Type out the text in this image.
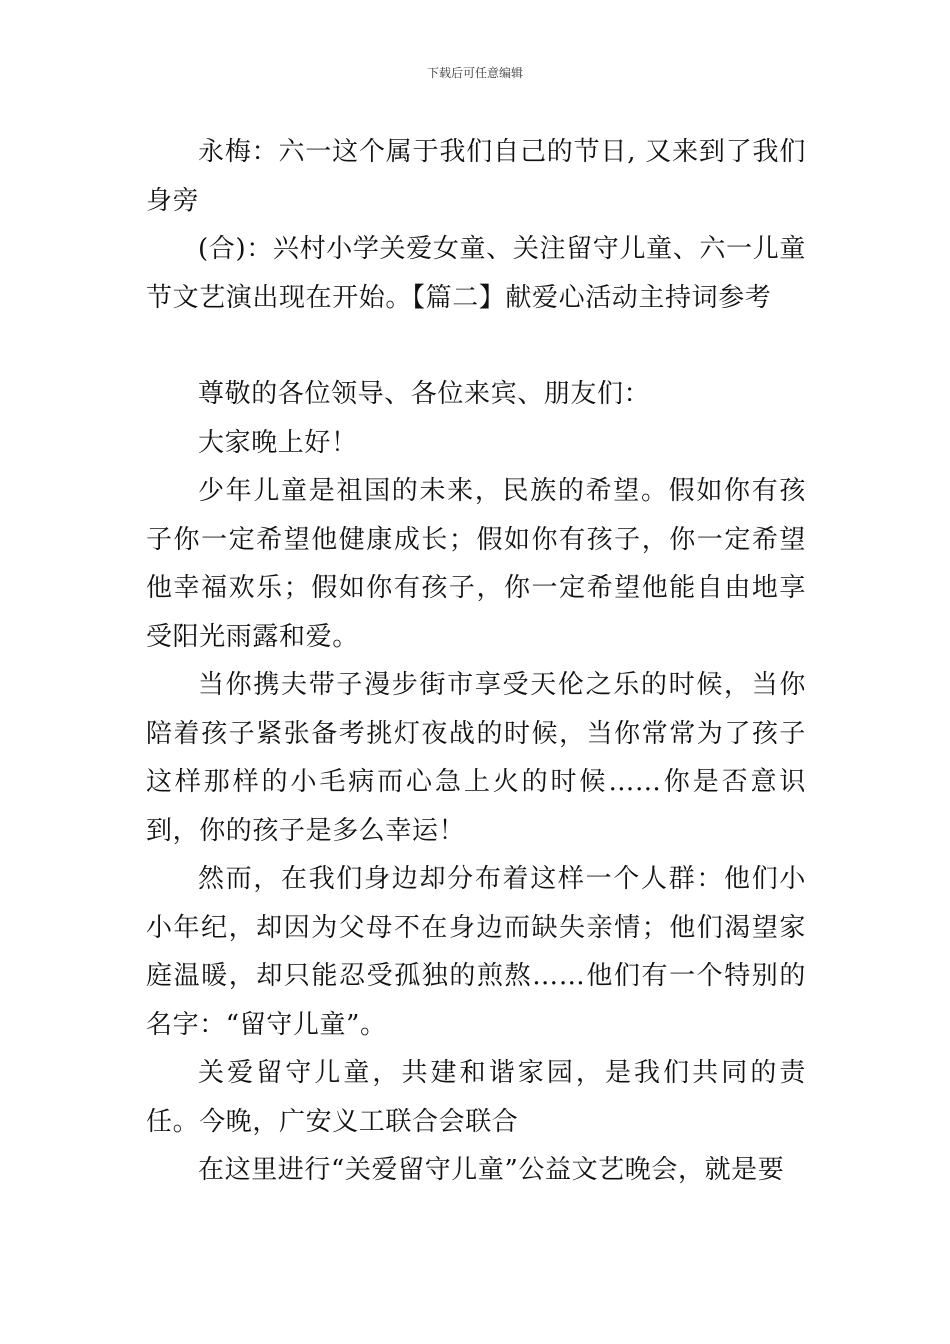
下载后可任意编辑

永梅：六一这个属于我们自己的节日, 又来到了我们身旁

(合)：兴村小学关爱女童、关注留守儿童、六一儿童节文艺演出现在开始。【篇二】献爱心活动主持词参考

尊敬的各位领导、各位来宾、朋友们：

大家晚上好！

少年儿童是祖国的未来，民族的希望。假如你有孩子你一定希望他健康成长；假如你有孩子，你一定希望他幸福欢乐；假如你有孩子，你一定希望他能自由地享受阳光雨露和爱。

当你携夫带子漫步街市享受天伦之乐的时候，当你陪着孩子紧张备考挑灯夜战的时候，当你常常为了孩子这样那样的小毛病而心急上火的时候……你是否意识到，你的孩子是多么幸运！

然而，在我们身边却分布着这样一个人群：他们小小年纪，却因为父母不在身边而缺失亲情；他们渴望家庭温暖，却只能忍受孤独的煎熬……他们有一个特别的名字：“留守儿童”。

关爱留守儿童，共建和谐家园，是我们共同的责任。今晚，广安义工联合会联合

在这里进行“关爱留守儿童”公益文艺晚会，就是要
